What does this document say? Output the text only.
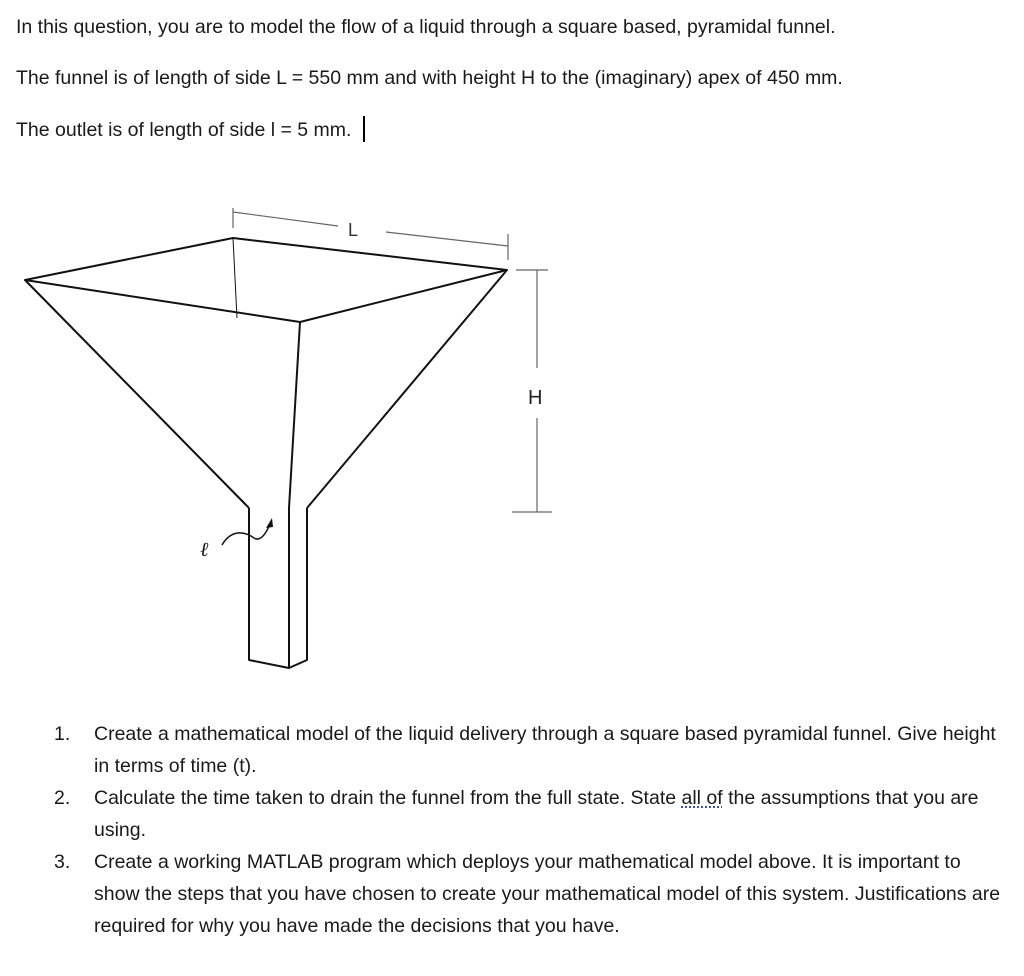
In this question, you are to model the flow of a liquid through a square based, pyramidal funnel.
The funnel is of length of side L = 550 mm and with height H to the (imaginary) apex of 450 mm.
The outlet is of length of side l = 5 mm.
L
H
ℓ
1. Create a mathematical model of the liquid delivery through a square based pyramidal funnel. Give height in terms of time (t).
2. Calculate the time taken to drain the funnel from the full state. State all of the assumptions that you are using.
3. Create a working MATLAB program which deploys your mathematical model above. It is important to show the steps that you have chosen to create your mathematical model of this system. Justifications are required for why you have made the decisions that you have.
